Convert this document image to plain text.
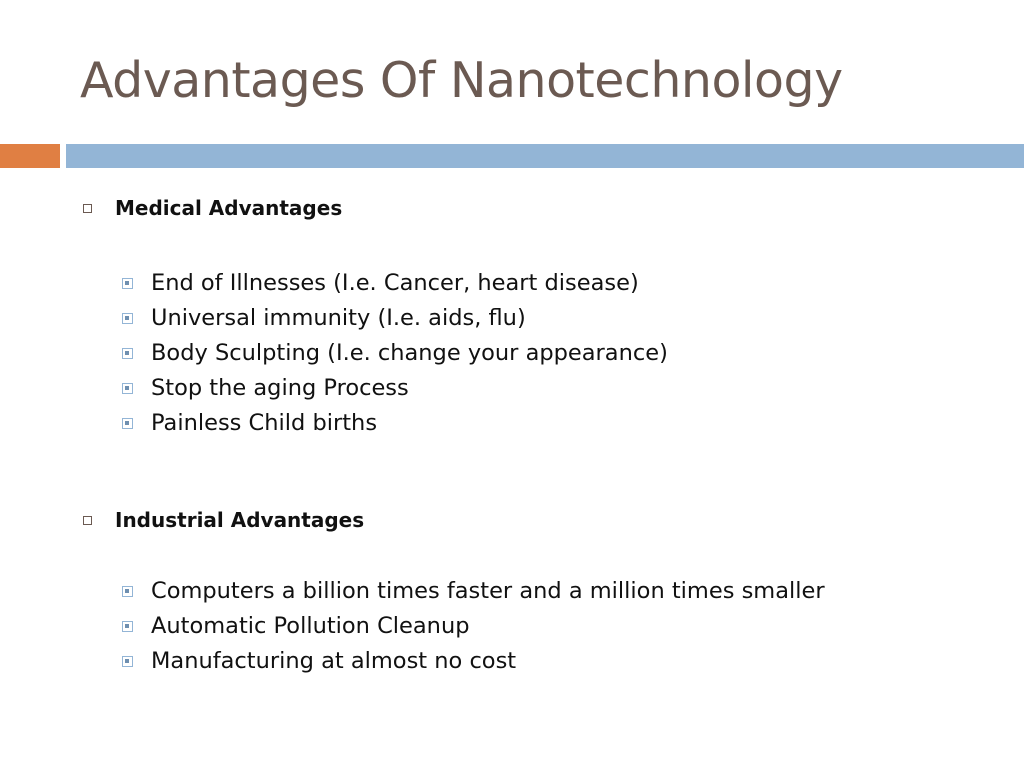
Advantages Of Nanotechnology
Medical Advantages
End of Illnesses (I.e. Cancer, heart disease)
Universal immunity (I.e. aids, flu)
Body Sculpting (I.e. change your appearance)
Stop the aging Process
Painless Child births
Industrial Advantages
Computers a billion times faster and a million times smaller
Automatic Pollution Cleanup
Manufacturing at almost no cost
